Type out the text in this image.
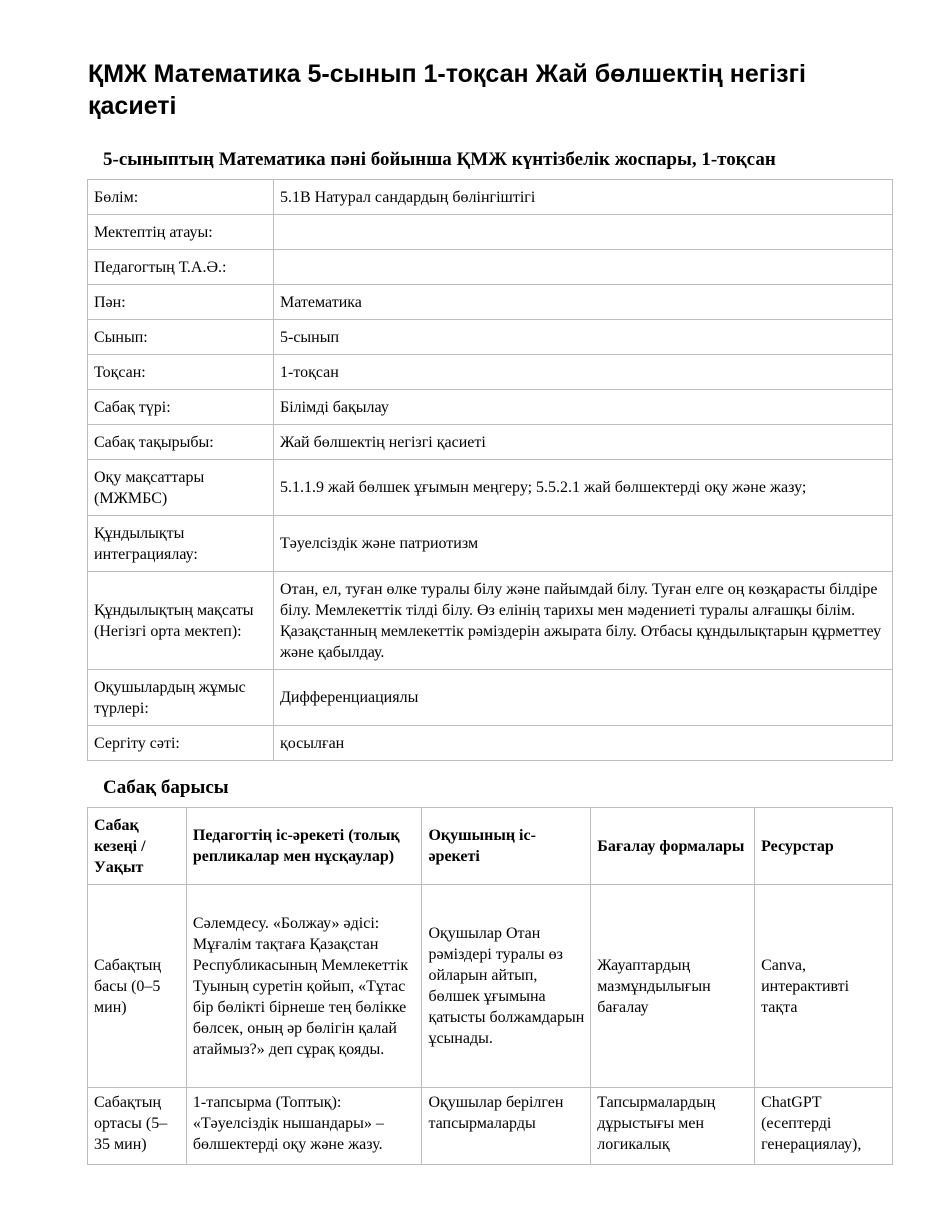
ҚМЖ Математика 5-сынып 1-тоқсан Жай бөлшектің негізгі қасиеті
5-сыныптың Математика пәні бойынша ҚМЖ күнтізбелік жоспары, 1-тоқсан
Бөлім:	5.1В Натурал сандардың бөлінгіштігі
Мектептің атауы:	
Педагогтың Т.А.Ә.:	
Пән:	Математика
Сынып:	5-сынып
Тоқсан:	1-тоқсан
Сабақ түрі:	Білімді бақылау
Сабақ тақырыбы:	Жай бөлшектің негізгі қасиеті
Оқу мақсаттары (МЖМБС)	5.1.1.9 жай бөлшек ұғымын меңгеру; 5.5.2.1 жай бөлшектерді оқу және жазу;
Құндылықты интеграциялау:	Тәуелсіздік және патриотизм
Құндылықтың мақсаты (Негізгі орта мектеп):	Отан, ел, туған өлке туралы білу және пайымдай білу. Туған елге оң көзқарасты білдіре білу. Мемлекеттік тілді білу. Өз елінің тарихы мен мәдениеті туралы алғашқы білім. Қазақстанның мемлекеттік рәміздерін ажырата білу. Отбасы құндылықтарын құрметтеу және қабылдау.
Оқушылардың жұмыс түрлері:	Дифференциациялы
Сергіту сәті:	қосылған
Сабақ барысы
Сабақ кезеңі / Уақыт	Педагогтің іс-әрекеті (толық репликалар мен нұсқаулар)	Оқушының іс-әрекеті	Бағалау формалары	Ресурстар
Сабақтың басы (0–5 мин)	Сәлемдесу. «Болжау» әдісі: Мұғалім тақтаға Қазақстан Республикасының Мемлекеттік Туының суретін қойып, «Тұтас бір бөлікті бірнеше тең бөлікке бөлсек, оның әр бөлігін қалай атаймыз?» деп сұрақ қояды.	Оқушылар Отан рәміздері туралы өз ойларын айтып, бөлшек ұғымына қатысты болжамдарын ұсынады.	Жауаптардың мазмұндылығын бағалау	Canva, интерактивті тақта
Сабақтың ортасы (5–35 мин)	1-тапсырма (Топтық): «Тәуелсіздік нышандары» – бөлшектерді оқу және жазу.	Оқушылар берілген тапсырмаларды	Тапсырмалардың дұрыстығы мен логикалық	ChatGPT (есептерді генерациялау),
